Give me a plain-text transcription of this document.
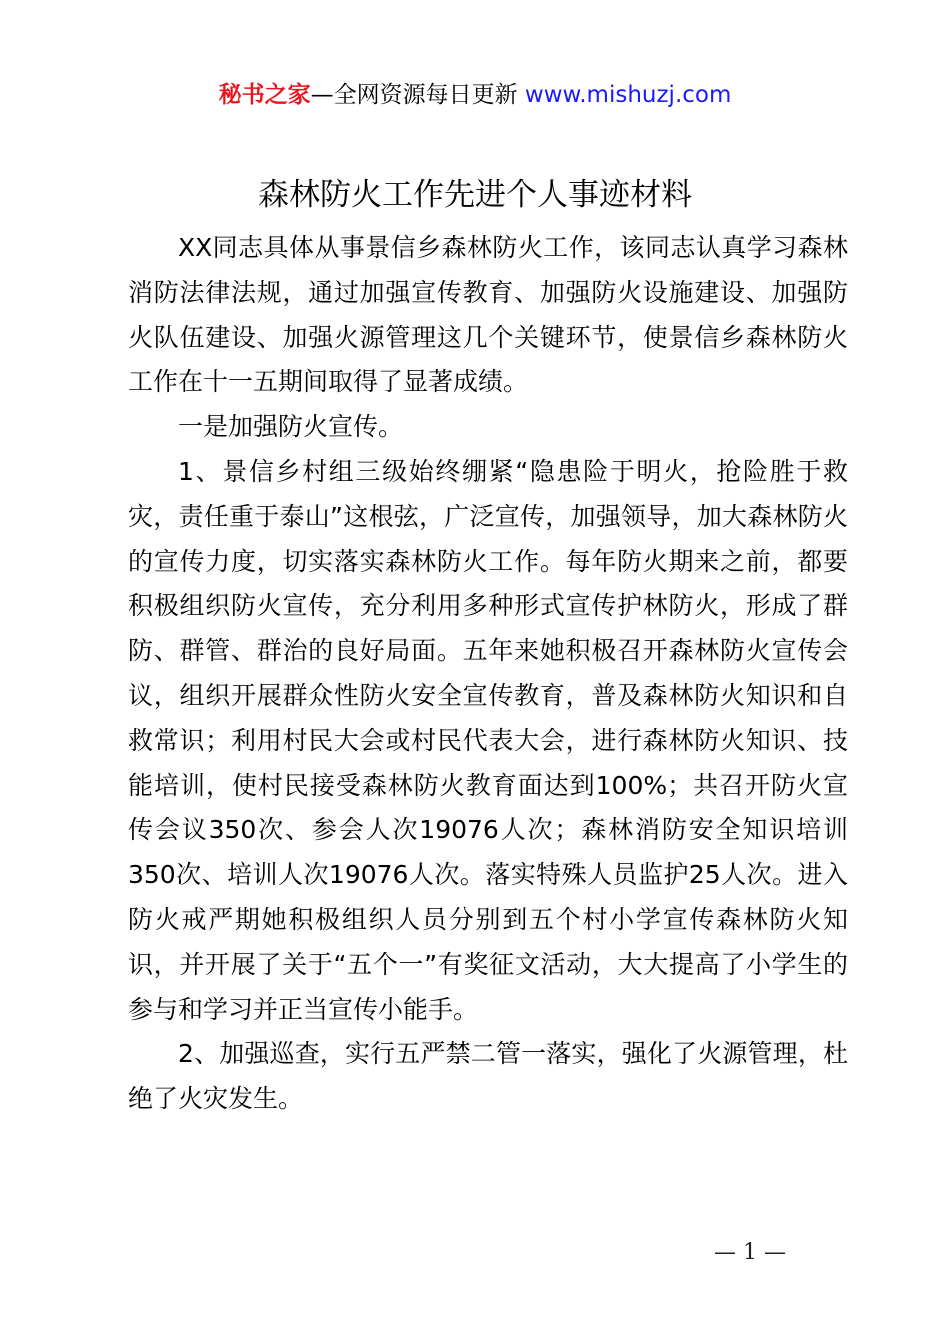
秘书之家—全网资源每日更新 www.mishuzj.com
森林防火工作先进个人事迹材料

XX同志具体从事景信乡森林防火工作，该同志认真学习森林消防法律法规，通过加强宣传教育、加强防火设施建设、加强防火队伍建设、加强火源管理这几个关键环节，使景信乡森林防火工作在十一五期间取得了显著成绩。

一是加强防火宣传。

1、景信乡村组三级始终绷紧“隐患险于明火，抢险胜于救灾，责任重于泰山”这根弦，广泛宣传，加强领导，加大森林防火的宣传力度，切实落实森林防火工作。每年防火期来之前，都要积极组织防火宣传，充分利用多种形式宣传护林防火，形成了群防、群管、群治的良好局面。五年来她积极召开森林防火宣传会议，组织开展群众性防火安全宣传教育，普及森林防火知识和自救常识；利用村民大会或村民代表大会，进行森林防火知识、技能培训，使村民接受森林防火教育面达到100%；共召开防火宣传会议350次、参会人次19076人次；森林消防安全知识培训350次、培训人次19076人次。落实特殊人员监护25人次。进入防火戒严期她积极组织人员分别到五个村小学宣传森林防火知识，并开展了关于“五个一”有奖征文活动，大大提高了小学生的参与和学习并正当宣传小能手。

2、加强巡查，实行五严禁二管一落实，强化了火源管理，杜绝了火灾发生。

— 1 —
